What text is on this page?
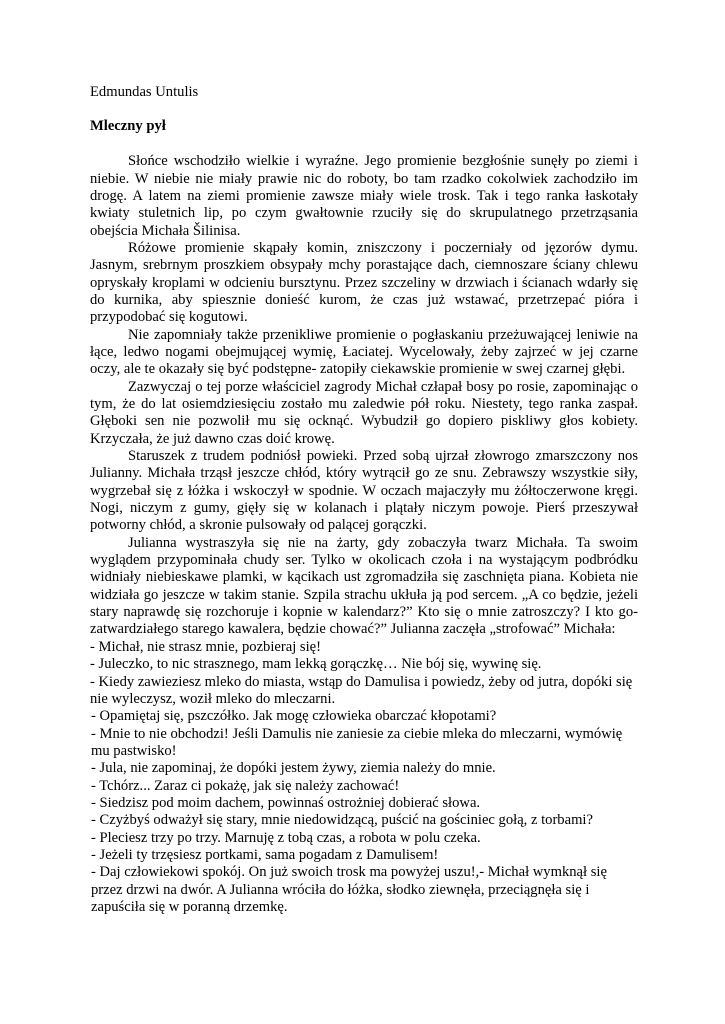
Edmundas Untulis

Mleczny pył

Słońce wschodziło wielkie i wyraźne. Jego promienie bezgłośnie sunęły po ziemi i niebie. W niebie nie miały prawie nic do roboty, bo tam rzadko cokolwiek zachodziło im drogę. A latem na ziemi promienie zawsze miały wiele trosk. Tak i tego ranka łaskotały kwiaty stuletnich lip, po czym gwałtownie rzuciły się do skrupulatnego przetrząsania obejścia Michała Šilinisa.

Różowe promienie skąpały komin, zniszczony i poczerniały od jęzorów dymu. Jasnym, srebrnym proszkiem obsypały mchy porastające dach, ciemnoszare ściany chlewu opryskały kroplami w odcieniu bursztynu. Przez szczeliny w drzwiach i ścianach wdarły się do kurnika, aby spiesznie donieść kurom, że czas już wstawać, przetrzepać pióra i przypodobać się kogutowi.

Nie zapomniały także przenikliwe promienie o pogłaskaniu przeżuwającej leniwie na łące, ledwo nogami obejmującej wymię, Łaciatej. Wycelowały, żeby zajrzeć w jej czarne oczy, ale te okazały się być podstępne- zatopiły ciekawskie promienie w swej czarnej głębi.

Zazwyczaj o tej porze właściciel zagrody Michał człapał bosy po rosie, zapominając o tym, że do lat osiemdziesięciu zostało mu zaledwie pół roku. Niestety, tego ranka zaspał. Głęboki sen nie pozwolił mu się ocknąć. Wybudził go dopiero piskliwy głos kobiety. Krzyczała, że już dawno czas doić krowę.

Staruszek z trudem podniósł powieki. Przed sobą ujrzał złowrogo zmarszczony nos Julianny. Michała trząsł jeszcze chłód, który wytrącił go ze snu. Zebrawszy wszystkie siły, wygrzebał się z łóżka i wskoczył w spodnie. W oczach majaczyły mu żółtoczerwone kręgi. Nogi, niczym z gumy, gięły się w kolanach i plątały niczym powoje. Pierś przeszywał potworny chłód, a skronie pulsowały od palącej gorączki.

Julianna wystraszyła się nie na żarty, gdy zobaczyła twarz Michała. Ta swoim wyglądem przypominała chudy ser. Tylko w okolicach czoła i na wystającym podbródku widniały niebieskawe plamki, w kącikach ust zgromadziła się zaschnięta piana. Kobieta nie widziała go jeszcze w takim stanie. Szpila strachu ukłuła ją pod sercem. „A co będzie, jeżeli stary naprawdę się rozchoruje i kopnie w kalendarz?” Kto się o mnie zatroszczy? I kto go-zatwardziałego starego kawalera, będzie chować?” Julianna zaczęła „strofować” Michała:

- Michał, nie strasz mnie, pozbieraj się!

- Juleczko, to nic strasznego, mam lekką gorączkę… Nie bój się, wywinę się.

- Kiedy zawieziesz mleko do miasta, wstąp do Damulisa i powiedz, żeby od jutra, dopóki się nie wyleczysz, woził mleko do mleczarni.

- Opamiętaj się, pszczółko. Jak mogę człowieka obarczać kłopotami?

- Mnie to nie obchodzi! Jeśli Damulis nie zaniesie za ciebie mleka do mleczarni, wymówię mu pastwisko!

- Jula, nie zapominaj, że dopóki jestem żywy, ziemia należy do mnie.

- Tchórz... Zaraz ci pokażę, jak się należy zachować!

- Siedzisz pod moim dachem, powinnaś ostrożniej dobierać słowa.

- Czyżbyś odważył się stary, mnie niedowidzącą, puścić na gościniec gołą, z torbami?

- Pleciesz trzy po trzy. Marnuję z tobą czas, a robota w polu czeka.

- Jeżeli ty trzęsiesz portkami, sama pogadam z Damulisem!

- Daj człowiekowi spokój. On już swoich trosk ma powyżej uszu!,- Michał wymknął się przez drzwi na dwór. A Julianna wróciła do łóżka, słodko ziewnęła, przeciągnęła się i zapuściła się w poranną drzemkę.
